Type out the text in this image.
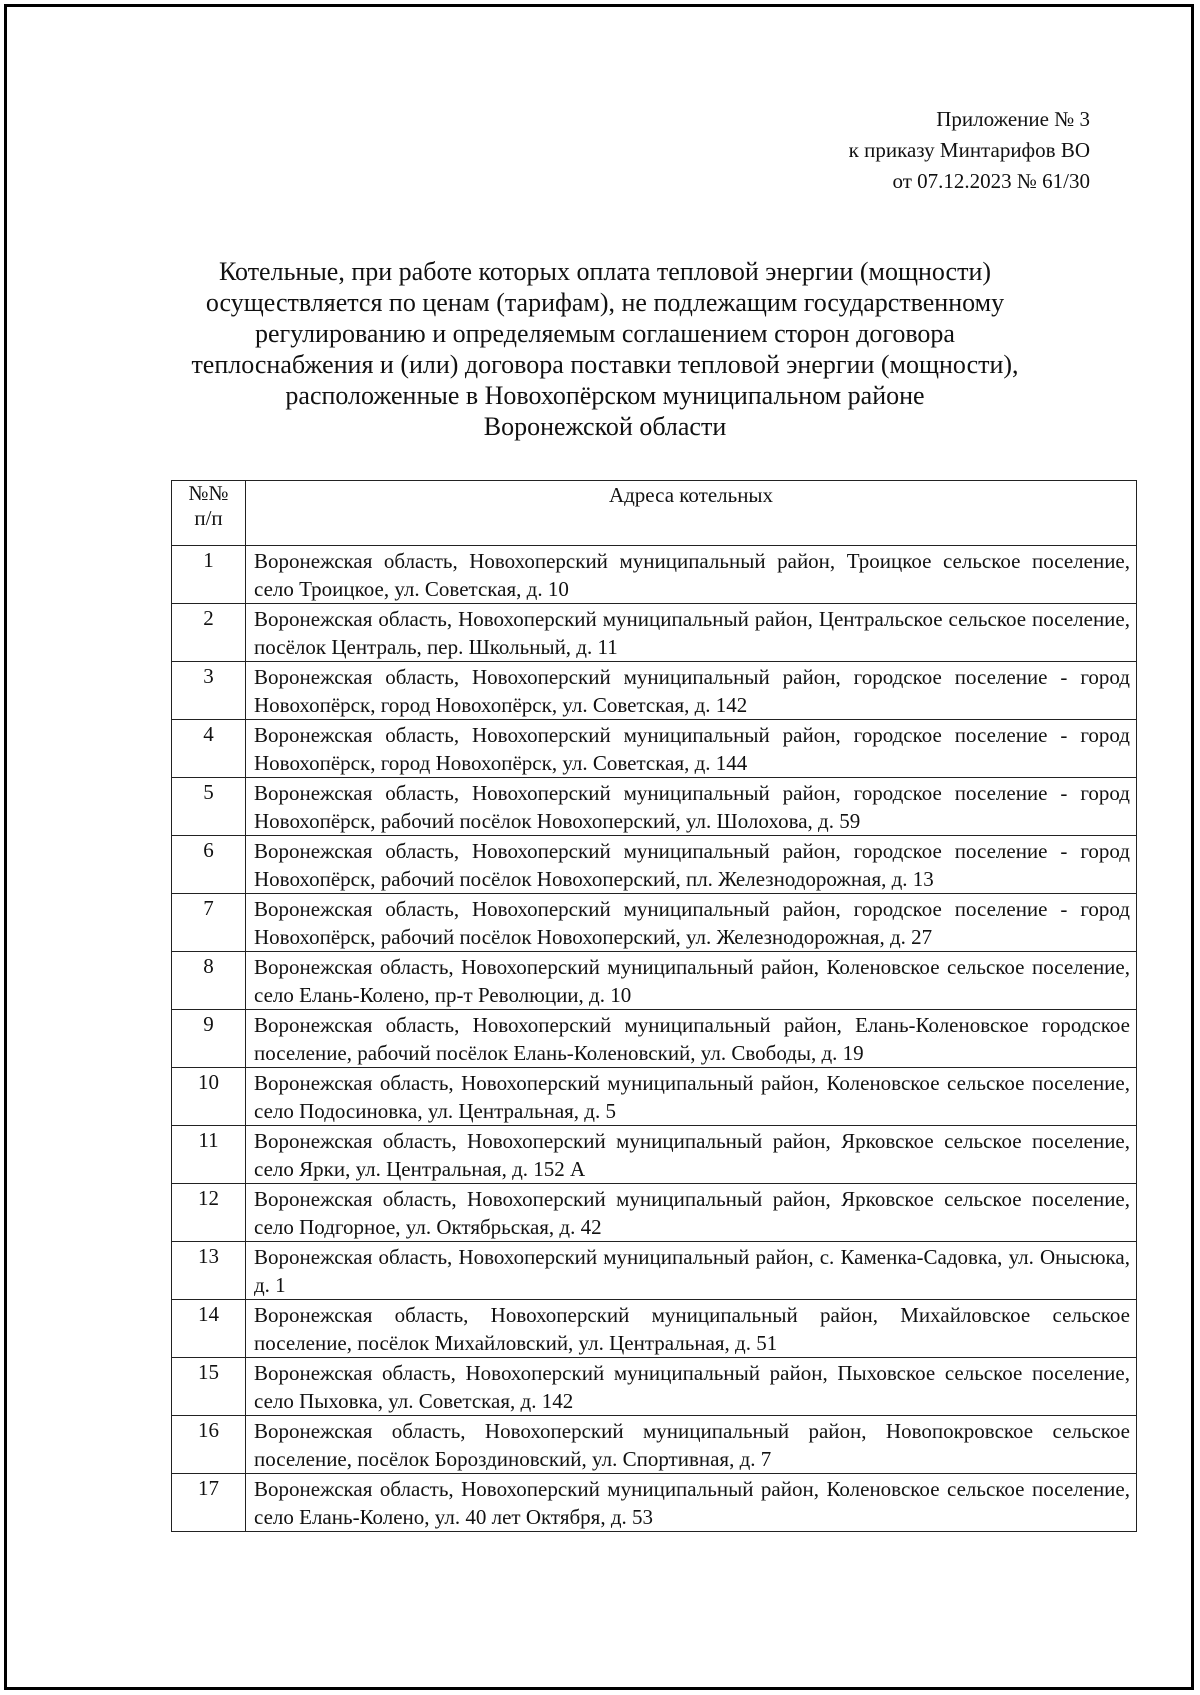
Приложение № 3
к приказу Минтарифов ВО
от 07.12.2023 № 61/30
Котельные, при работе которых оплата тепловой энергии (мощности)
осуществляется по ценам (тарифам), не подлежащим государственному
регулированию и определяемым соглашением сторон договора
теплоснабжения и (или) договора поставки тепловой энергии (мощности),
расположенные в Новохопёрском муниципальном районе
Воронежской области
№№
п/п	Адреса котельных
1	Воронежская область, Новохоперский муниципальный район, Троицкое сельское поселение, село Троицкое, ул. Советская, д. 10
2	Воронежская область, Новохоперский муниципальный район, Центральское сельское поселение, посёлок Централь, пер. Школьный, д. 11
3	Воронежская область, Новохоперский муниципальный район, городское поселение - город Новохопёрск, город Новохопёрск, ул. Советская, д. 142
4	Воронежская область, Новохоперский муниципальный район, городское поселение - город Новохопёрск, город Новохопёрск, ул. Советская, д. 144
5	Воронежская область, Новохоперский муниципальный район, городское поселение - город Новохопёрск, рабочий посёлок Новохоперский, ул. Шолохова, д. 59
6	Воронежская область, Новохоперский муниципальный район, городское поселение - город Новохопёрск, рабочий посёлок Новохоперский, пл. Железнодорожная, д. 13
7	Воронежская область, Новохоперский муниципальный район, городское поселение - город Новохопёрск, рабочий посёлок Новохоперский, ул. Железнодорожная, д. 27
8	Воронежская область, Новохоперский муниципальный район, Коленовское сельское поселение, село Елань-Колено, пр-т Революции, д. 10
9	Воронежская область, Новохоперский муниципальный район, Елань-Коленовское городское поселение, рабочий посёлок Елань-Коленовский, ул. Свободы, д. 19
10	Воронежская область, Новохоперский муниципальный район, Коленовское сельское поселение, село Подосиновка, ул. Центральная, д. 5
11	Воронежская область, Новохоперский муниципальный район, Ярковское сельское поселение, село Ярки, ул. Центральная, д. 152 А
12	Воронежская область, Новохоперский муниципальный район, Ярковское сельское поселение, село Подгорное, ул. Октябрьская, д. 42
13	Воронежская область, Новохоперский муниципальный район, с. Каменка-Садовка, ул. Онысюка, д. 1
14	Воронежская область, Новохоперский муниципальный район, Михайловское сельское поселение, посёлок Михайловский, ул. Центральная, д. 51
15	Воронежская область, Новохоперский муниципальный район, Пыховское сельское поселение, село Пыховка, ул. Советская, д. 142
16	Воронежская область, Новохоперский муниципальный район, Новопокровское сельское поселение, посёлок Бороздиновский, ул. Спортивная, д. 7
17	Воронежская область, Новохоперский муниципальный район, Коленовское сельское поселение, село Елань-Колено, ул. 40 лет Октября, д. 53
